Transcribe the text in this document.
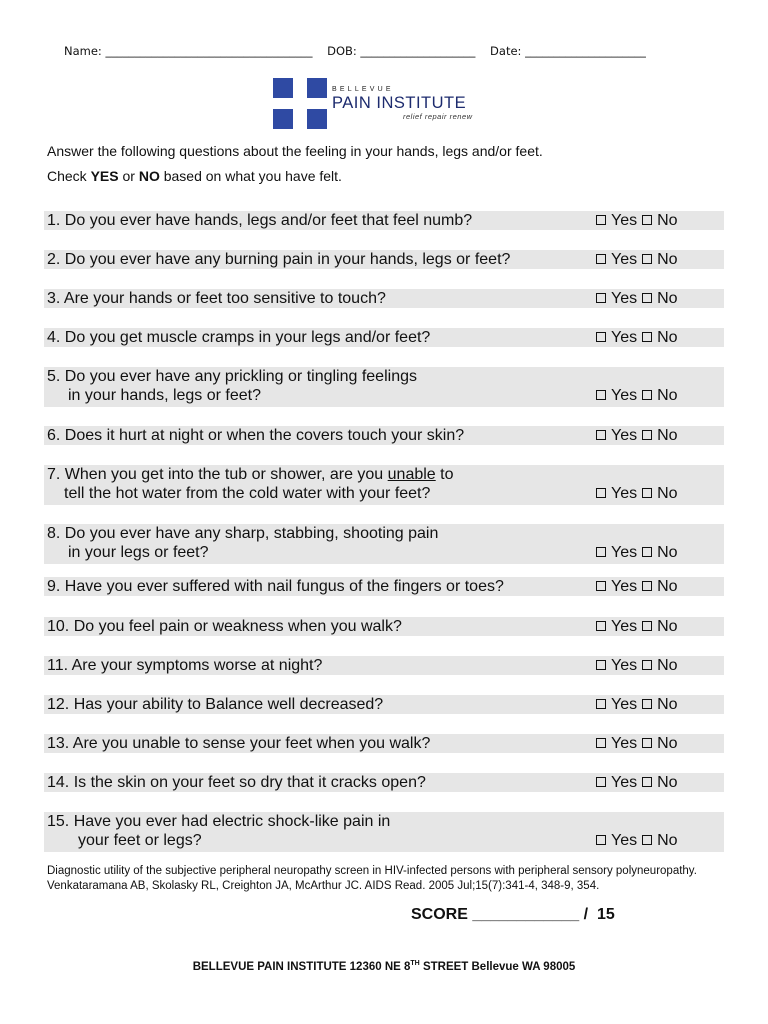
Name: ____________________________________ DOB: ____________________ Date: _____________________
BELLEVUE
PAIN INSTITUTE
relief repair renew
Answer the following questions about the feeling in your hands, legs and/or feet.
Check YES or NO based on what you have felt.
1. Do you ever have hands, legs and/or feet that feel numb?	Yes No
2. Do you ever have any burning pain in your hands, legs or feet?	Yes No
3. Are your hands or feet too sensitive to touch?	Yes No
4. Do you get muscle cramps in your legs and/or feet?	Yes No
5. Do you ever have any prickling or tingling feelings
in your hands, legs or feet?	Yes No
6. Does it hurt at night or when the covers touch your skin?	Yes No
7. When you get into the tub or shower, are you unable to
tell the hot water from the cold water with your feet?	Yes No
8. Do you ever have any sharp, stabbing, shooting pain
in your legs or feet?	Yes No
9. Have you ever suffered with nail fungus of the fingers or toes?	Yes No
10. Do you feel pain or weakness when you walk?	Yes No
11. Are your symptoms worse at night?	Yes No
12. Has your ability to Balance well decreased?	Yes No
13. Are you unable to sense your feet when you walk?	Yes No
14. Is the skin on your feet so dry that it cracks open?	Yes No
15. Have you ever had electric shock-like pain in
your feet or legs?	Yes No
Diagnostic utility of the subjective peripheral neuropathy screen in HIV-infected persons with peripheral sensory polyneuropathy. Venkataramana AB, Skolasky RL, Creighton JA, McArthur JC. AIDS Read. 2005 Jul;15(7):341-4, 348-9, 354.
SCORE ____________ / 15
BELLEVUE PAIN INSTITUTE 12360 NE 8TH STREET Bellevue WA 98005
